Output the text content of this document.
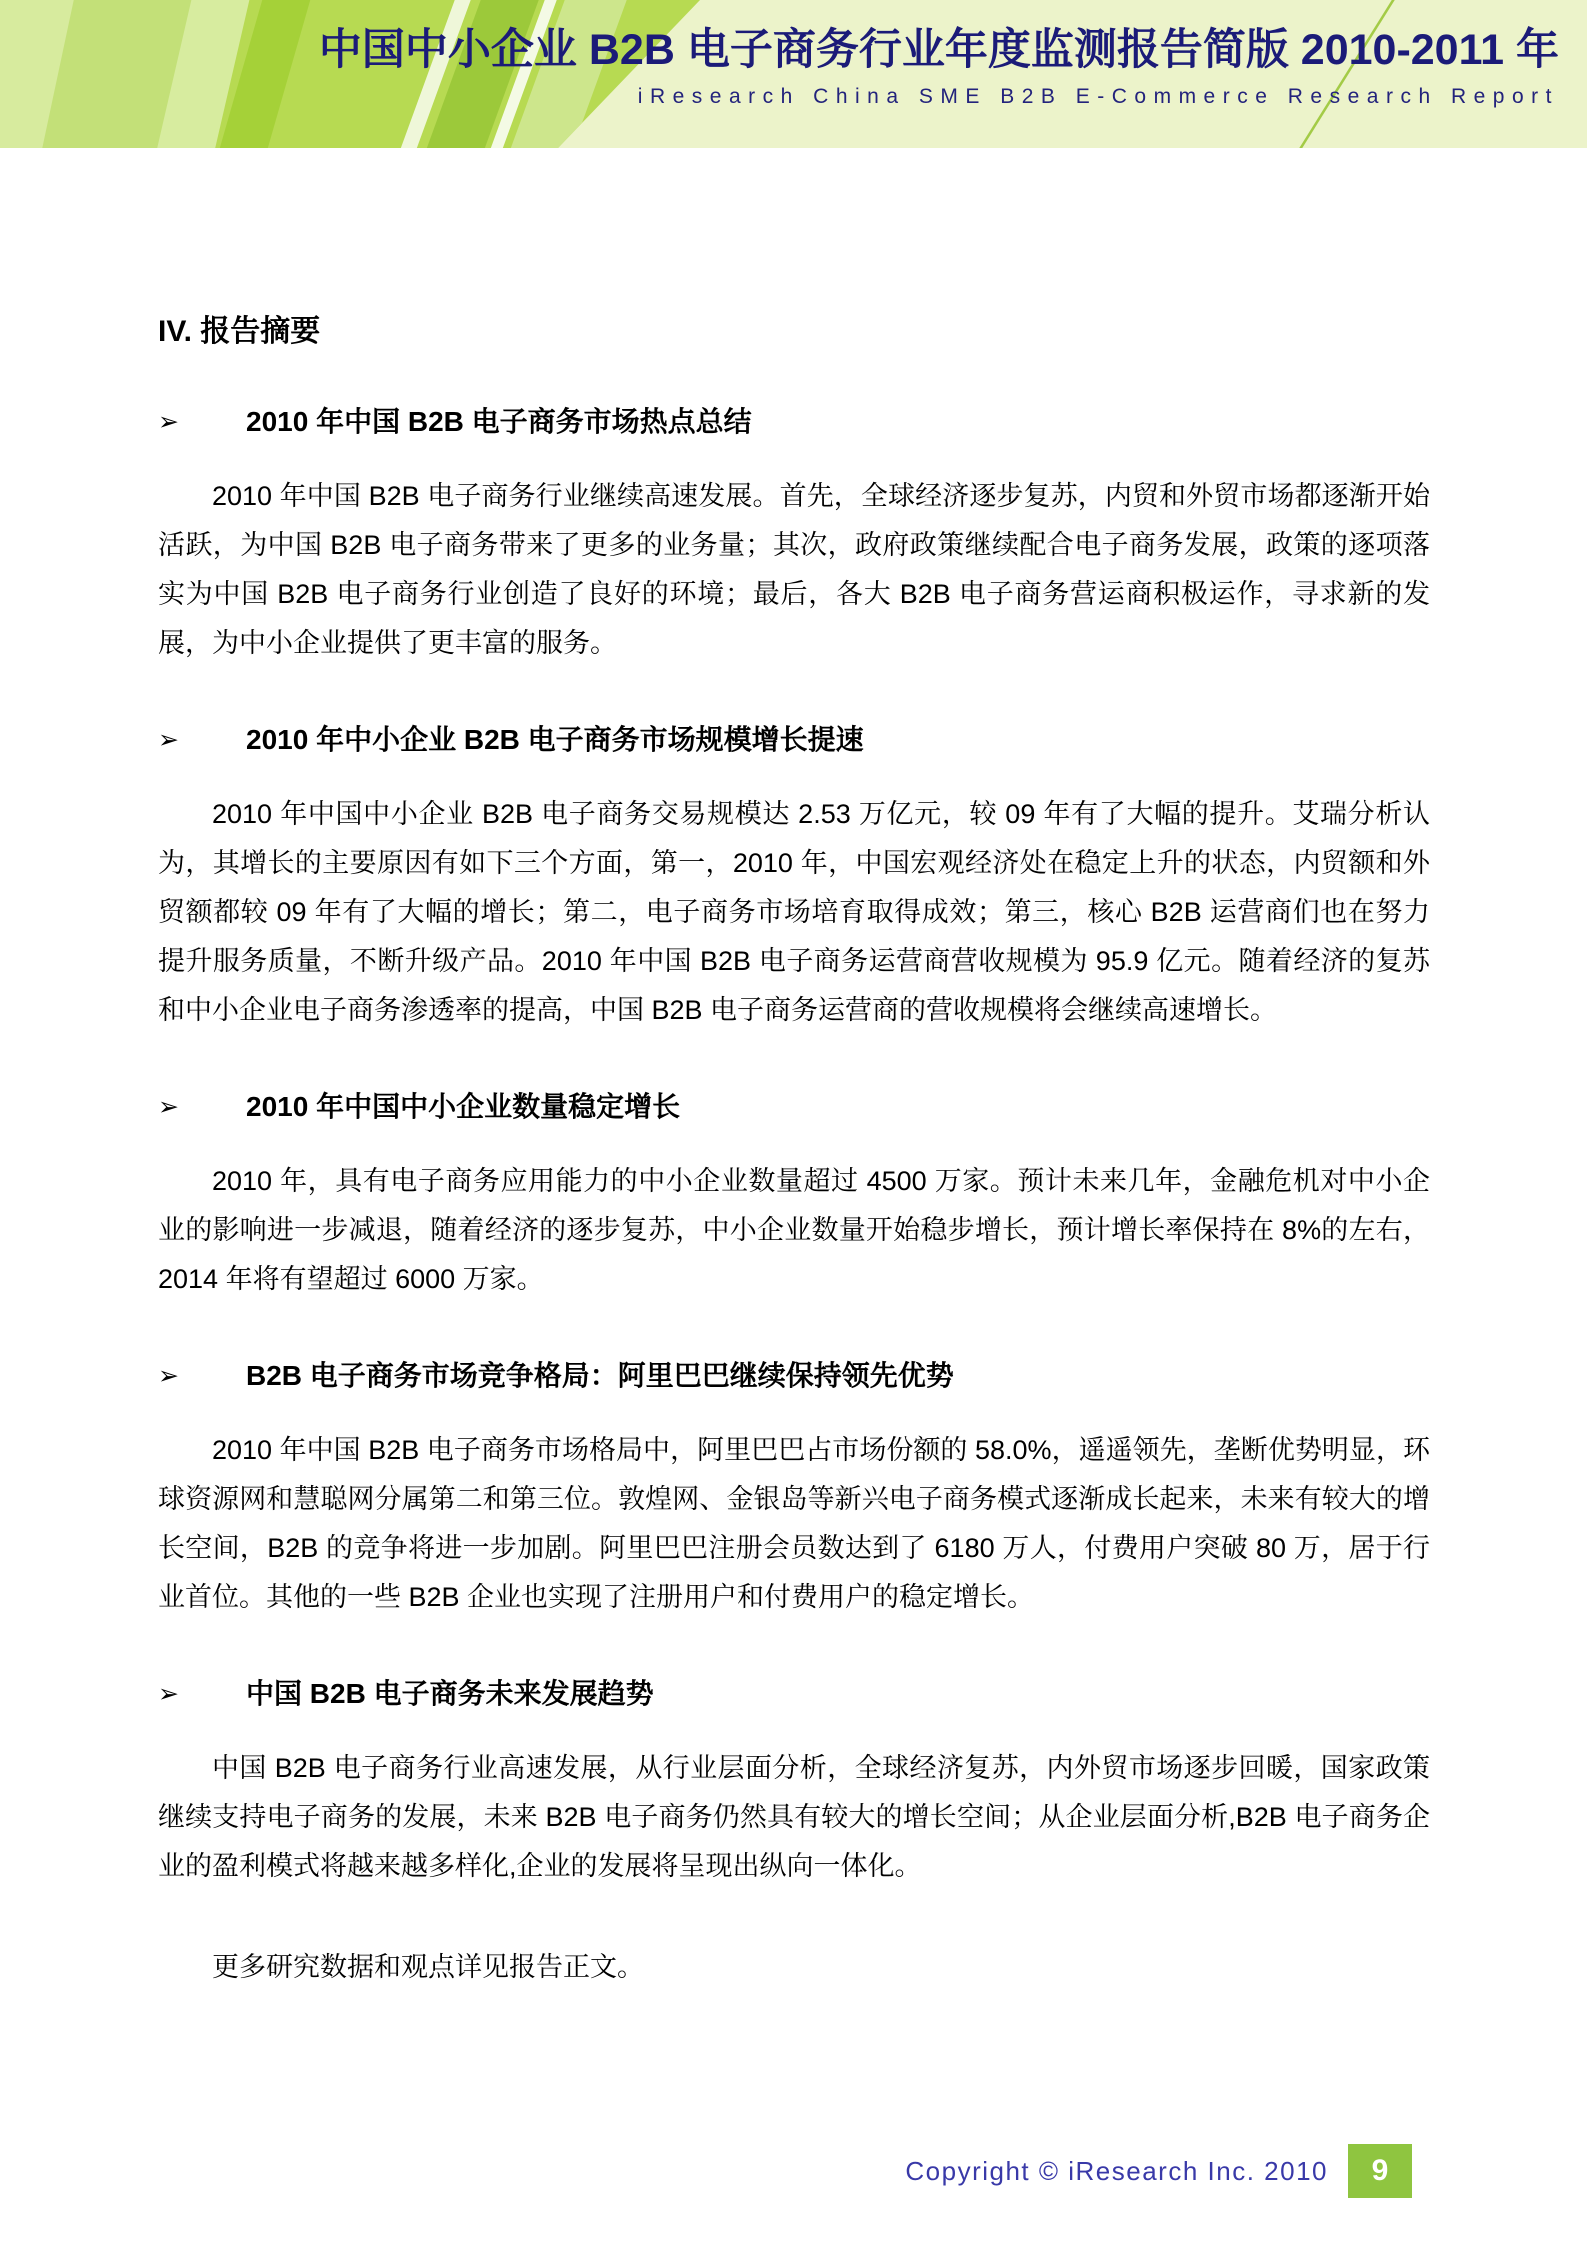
中国中小企业 B2B 电子商务行业年度监测报告简版 2010-2011 年
iResearch China SME B2B E-Commerce Research Report
IV. 报告摘要
➢	2010 年中国 B2B 电子商务市场热点总结

2010 年中国 B2B 电子商务行业继续高速发展。首先，全球经济逐步复苏，内贸和外贸市场都逐渐开始活跃，为中国 B2B 电子商务带来了更多的业务量；其次，政府政策继续配合电子商务发展，政策的逐项落实为中国 B2B 电子商务行业创造了良好的环境；最后，各大 B2B 电子商务营运商积极运作，寻求新的发展，为中小企业提供了更丰富的服务。

➢	2010 年中小企业 B2B 电子商务市场规模增长提速

2010 年中国中小企业 B2B 电子商务交易规模达 2.53 万亿元，较 09 年有了大幅的提升。艾瑞分析认为，其增长的主要原因有如下三个方面，第一，2010 年，中国宏观经济处在稳定上升的状态，内贸额和外贸额都较 09 年有了大幅的增长；第二，电子商务市场培育取得成效；第三，核心 B2B 运营商们也在努力提升服务质量，不断升级产品。2010 年中国 B2B 电子商务运营商营收规模为 95.9 亿元。随着经济的复苏和中小企业电子商务渗透率的提高，中国 B2B 电子商务运营商的营收规模将会继续高速增长。

➢	2010 年中国中小企业数量稳定增长

2010 年，具有电子商务应用能力的中小企业数量超过 4500 万家。预计未来几年，金融危机对中小企业的影响进一步减退，随着经济的逐步复苏，中小企业数量开始稳步增长，预计增长率保持在 8%的左右，2014 年将有望超过 6000 万家。

➢	B2B 电子商务市场竞争格局：阿里巴巴继续保持领先优势

2010 年中国 B2B 电子商务市场格局中，阿里巴巴占市场份额的 58.0%，遥遥领先，垄断优势明显，环球资源网和慧聪网分属第二和第三位。敦煌网、金银岛等新兴电子商务模式逐渐成长起来，未来有较大的增长空间，B2B 的竞争将进一步加剧。阿里巴巴注册会员数达到了 6180 万人，付费用户突破 80 万，居于行业首位。其他的一些 B2B 企业也实现了注册用户和付费用户的稳定增长。

➢	中国 B2B 电子商务未来发展趋势

中国 B2B 电子商务行业高速发展，从行业层面分析，全球经济复苏，内外贸市场逐步回暖，国家政策继续支持电子商务的发展，未来 B2B 电子商务仍然具有较大的增长空间；从企业层面分析,B2B 电子商务企业的盈利模式将越来越多样化,企业的发展将呈现出纵向一体化。

更多研究数据和观点详见报告正文。

Copyright © iResearch Inc. 2010	9
